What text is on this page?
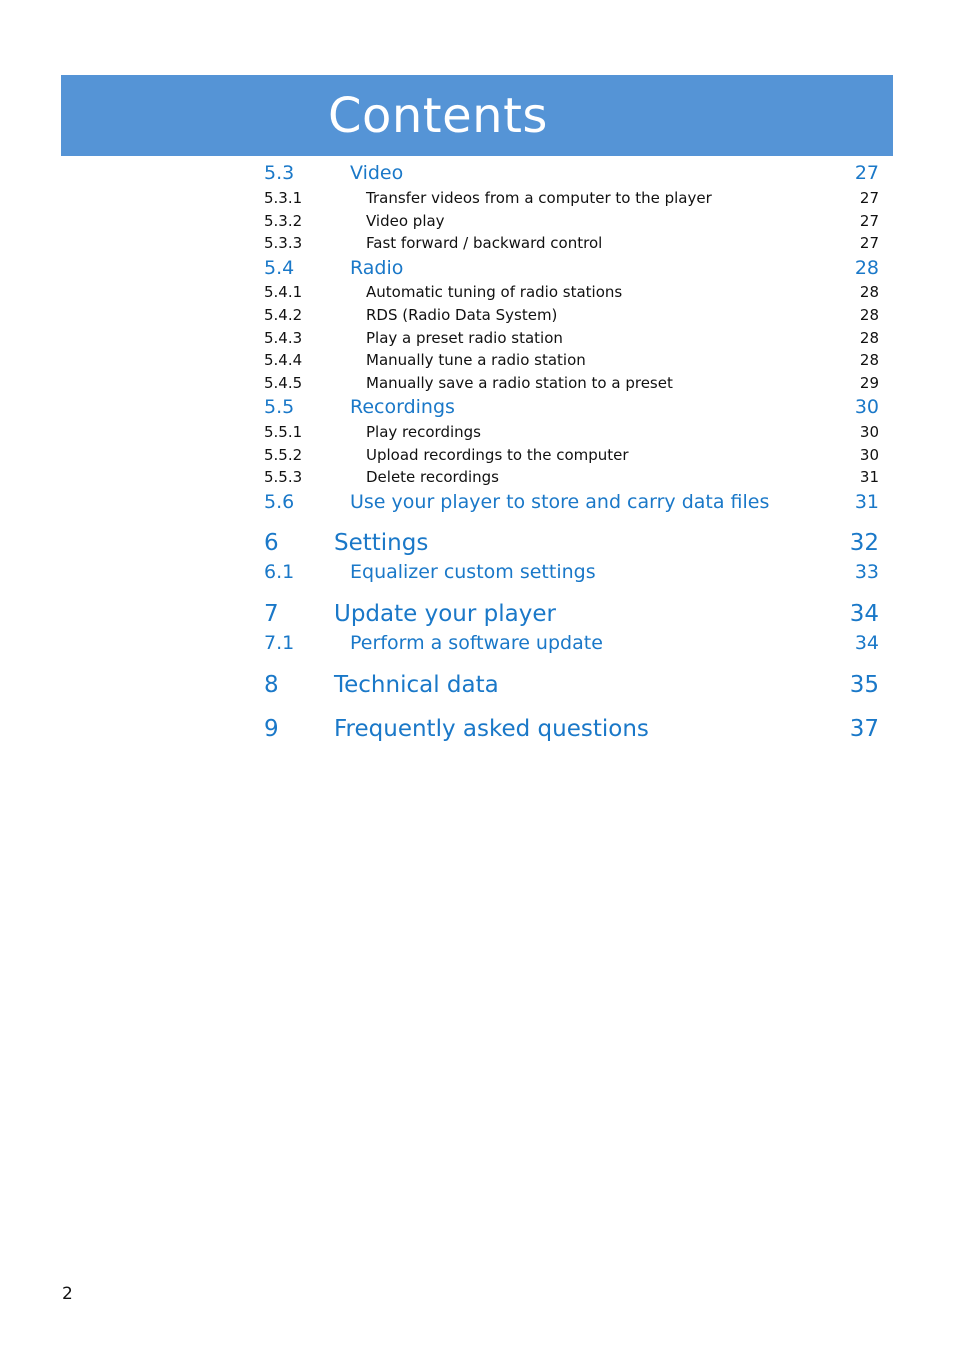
Contents
5.3	Video	27
5.3.1	Transfer videos from a computer to the player	27
5.3.2	Video play	27
5.3.3	Fast forward / backward control	27
5.4	Radio	28
5.4.1	Automatic tuning of radio stations	28
5.4.2	RDS (Radio Data System)	28
5.4.3	Play a preset radio station	28
5.4.4	Manually tune a radio station	28
5.4.5	Manually save a radio station to a preset	29
5.5	Recordings	30
5.5.1	Play recordings	30
5.5.2	Upload recordings to the computer	30
5.5.3	Delete recordings	31
5.6	Use your player to store and carry data files	31
6 Settings	32
6.1	Equalizer custom settings	33
7 Update your player	34
7.1	Perform a software update	34
8 Technical data	35
9 Frequently asked questions	37
2
